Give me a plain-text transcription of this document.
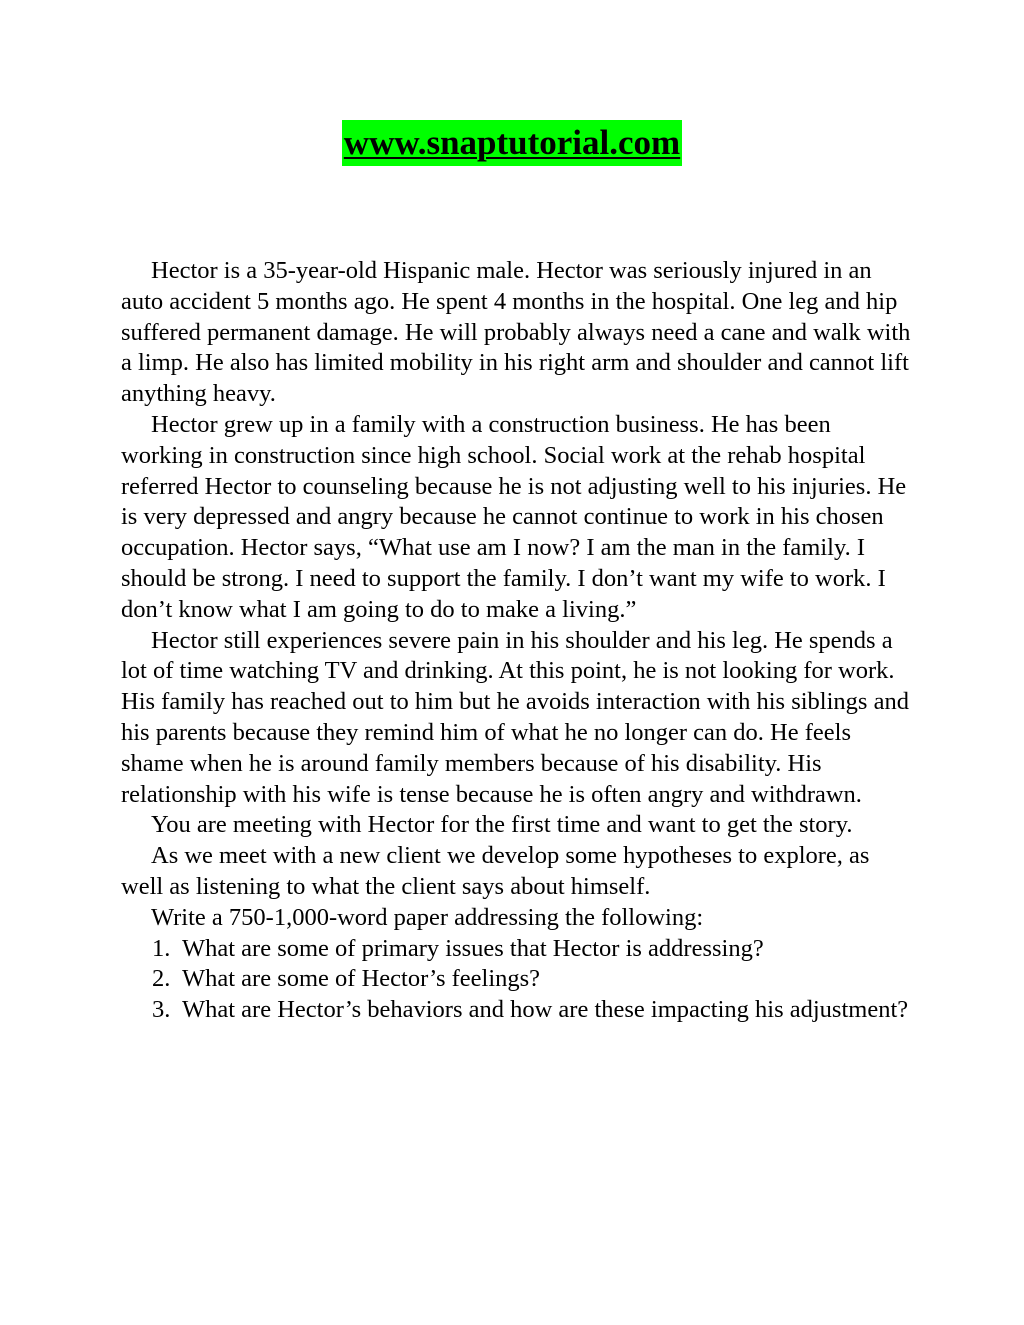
www.snaptutorial.com

Hector is a 35-year-old Hispanic male. Hector was seriously injured in an auto accident 5 months ago. He spent 4 months in the hospital. One leg and hip suffered permanent damage. He will probably always need a cane and walk with a limp. He also has limited mobility in his right arm and shoulder and cannot lift anything heavy.

Hector grew up in a family with a construction business. He has been working in construction since high school. Social work at the rehab hospital referred Hector to counseling because he is not adjusting well to his injuries. He is very depressed and angry because he cannot continue to work in his chosen occupation. Hector says, “What use am I now? I am the man in the family. I should be strong. I need to support the family. I don’t want my wife to work. I don’t know what I am going to do to make a living.”

Hector still experiences severe pain in his shoulder and his leg. He spends a lot of time watching TV and drinking. At this point, he is not looking for work. His family has reached out to him but he avoids interaction with his siblings and his parents because they remind him of what he no longer can do. He feels shame when he is around family members because of his disability. His relationship with his wife is tense because he is often angry and withdrawn.

You are meeting with Hector for the first time and want to get the story.

As we meet with a new client we develop some hypotheses to explore, as well as listening to what the client says about himself.

Write a 750-1,000-word paper addressing the following:

1. What are some of primary issues that Hector is addressing?
2. What are some of Hector’s feelings?
3. What are Hector’s behaviors and how are these impacting his adjustment?
